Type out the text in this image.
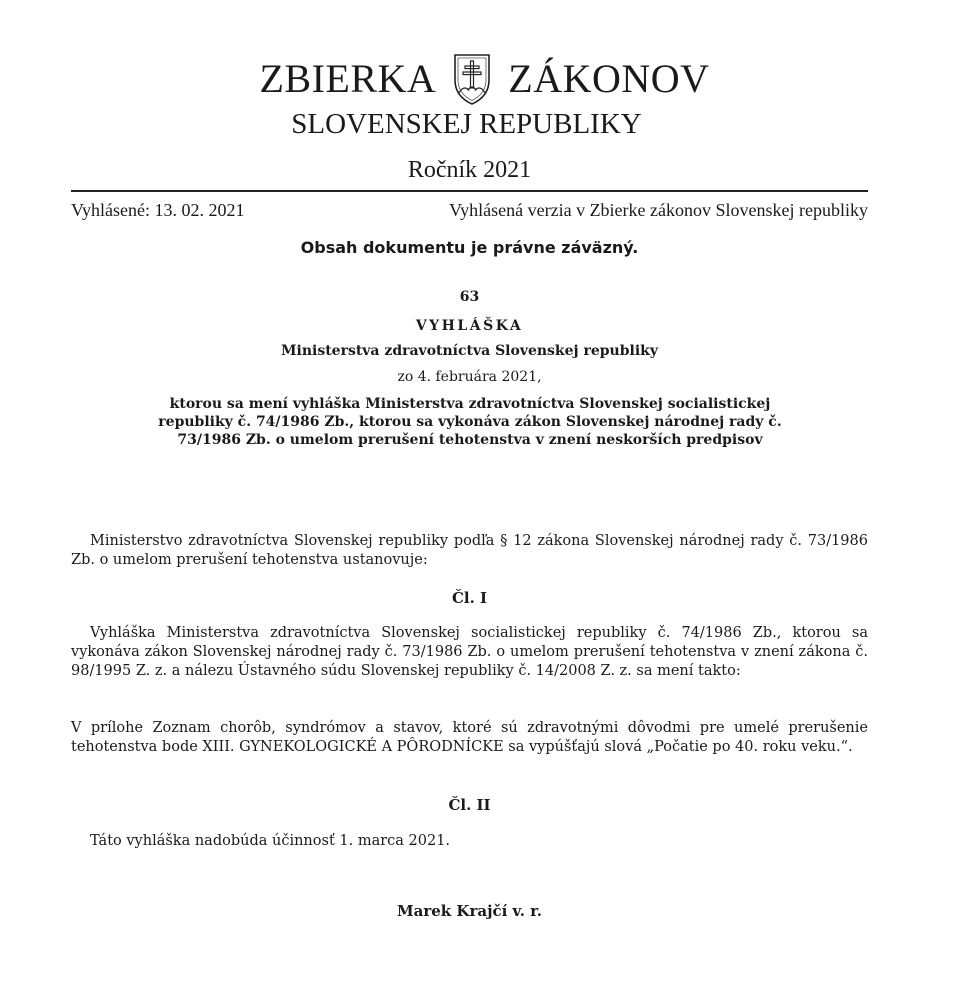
ZBIERKA ZÁKONOV
SLOVENSKEJ REPUBLIKY
Ročník 2021
Vyhlásené: 13. 02. 2021	Vyhlásená verzia v Zbierke zákonov Slovenskej republiky
Obsah dokumentu je právne záväzný.
63
VYHLÁŠKA
Ministerstva zdravotníctva Slovenskej republiky
zo 4. februára 2021,
ktorou sa mení vyhláška Ministerstva zdravotníctva Slovenskej socialistickej republiky č. 74/1986 Zb., ktorou sa vykonáva zákon Slovenskej národnej rady č. 73/1986 Zb. o umelom prerušení tehotenstva v znení neskorších predpisov
Ministerstvo zdravotníctva Slovenskej republiky podľa § 12 zákona Slovenskej národnej rady č. 73/1986 Zb. o umelom prerušení tehotenstva ustanovuje:
Čl. I
Vyhláška Ministerstva zdravotníctva Slovenskej socialistickej republiky č. 74/1986 Zb., ktorou sa vykonáva zákon Slovenskej národnej rady č. 73/1986 Zb. o umelom prerušení tehotenstva v znení zákona č. 98/1995 Z. z. a nálezu Ústavného súdu Slovenskej republiky č. 14/2008 Z. z. sa mení takto:
V prílohe Zoznam chorôb, syndrómov a stavov, ktoré sú zdravotnými dôvodmi pre umelé prerušenie tehotenstva bode XIII. GYNEKOLOGICKÉ A PÔRODNÍCKE sa vypúšťajú slová „Počatie po 40. roku veku.“.
Čl. II
Táto vyhláška nadobúda účinnosť 1. marca 2021.
Marek Krajčí v. r.
